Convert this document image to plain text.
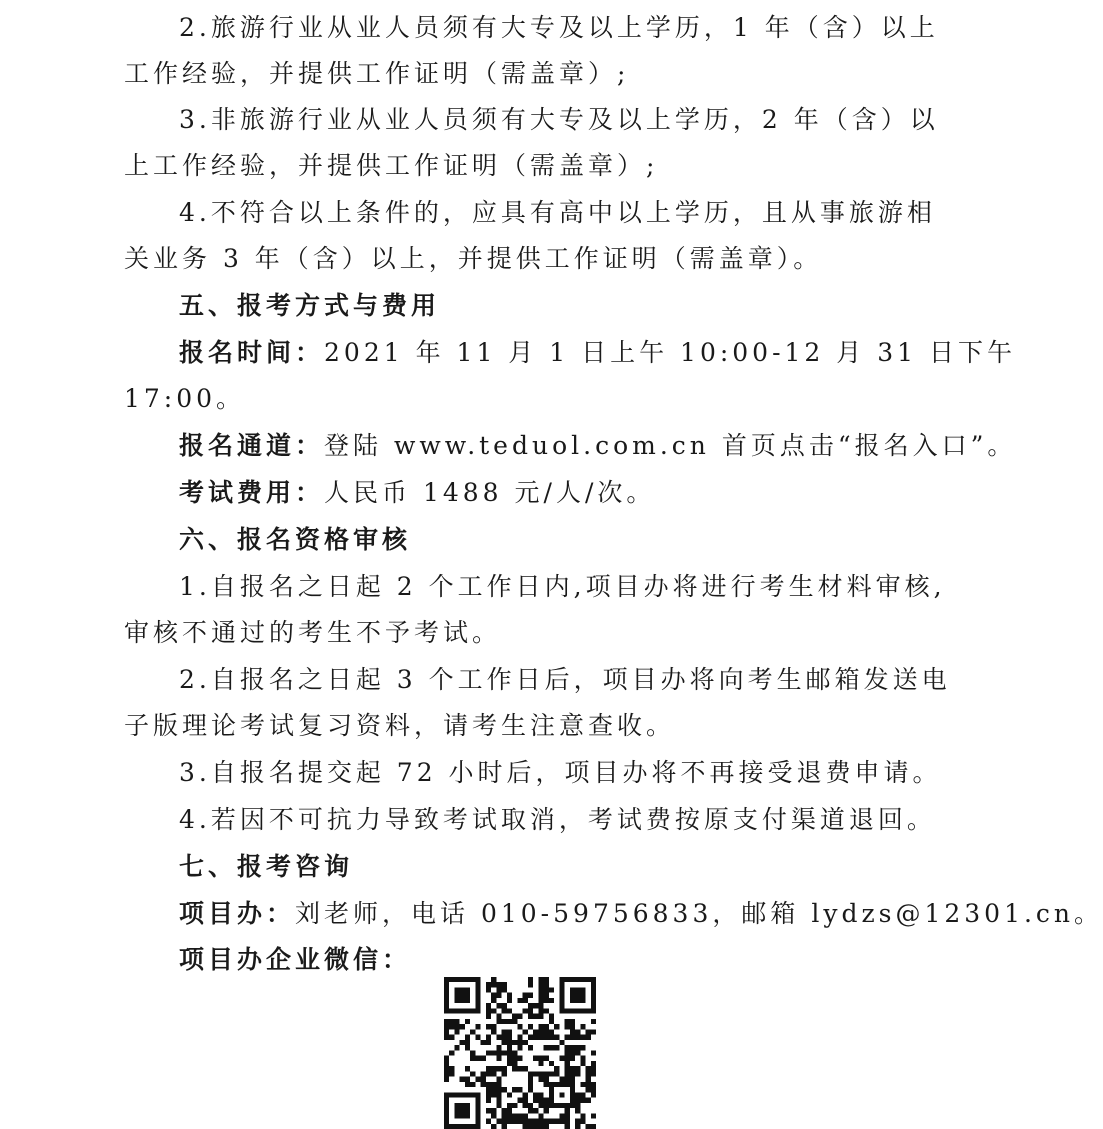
2.旅游行业从业人员须有大专及以上学历，1 年（含）以上
工作经验，并提供工作证明（需盖章）;
3.非旅游行业从业人员须有大专及以上学历，2 年（含）以
上工作经验，并提供工作证明（需盖章）;
4.不符合以上条件的，应具有高中以上学历，且从事旅游相
关业务 3 年（含）以上，并提供工作证明（需盖章）。
五、报考方式与费用
报名时间：2021 年 11 月 1 日上午 10:00-12 月 31 日下午
17:00。
报名通道：登陆 www.teduol.com.cn 首页点击“报名入口”。
考试费用：人民币 1488 元/人/次。
六、报名资格审核
1.自报名之日起 2 个工作日内,项目办将进行考生材料审核,
审核不通过的考生不予考试。
2.自报名之日起 3 个工作日后，项目办将向考生邮箱发送电
子版理论考试复习资料，请考生注意查收。
3.自报名提交起 72 小时后，项目办将不再接受退费申请。
4.若因不可抗力导致考试取消，考试费按原支付渠道退回。
七、报考咨询
项目办：刘老师，电话 010-59756833，邮箱 lydzs@12301.cn。
项目办企业微信：
